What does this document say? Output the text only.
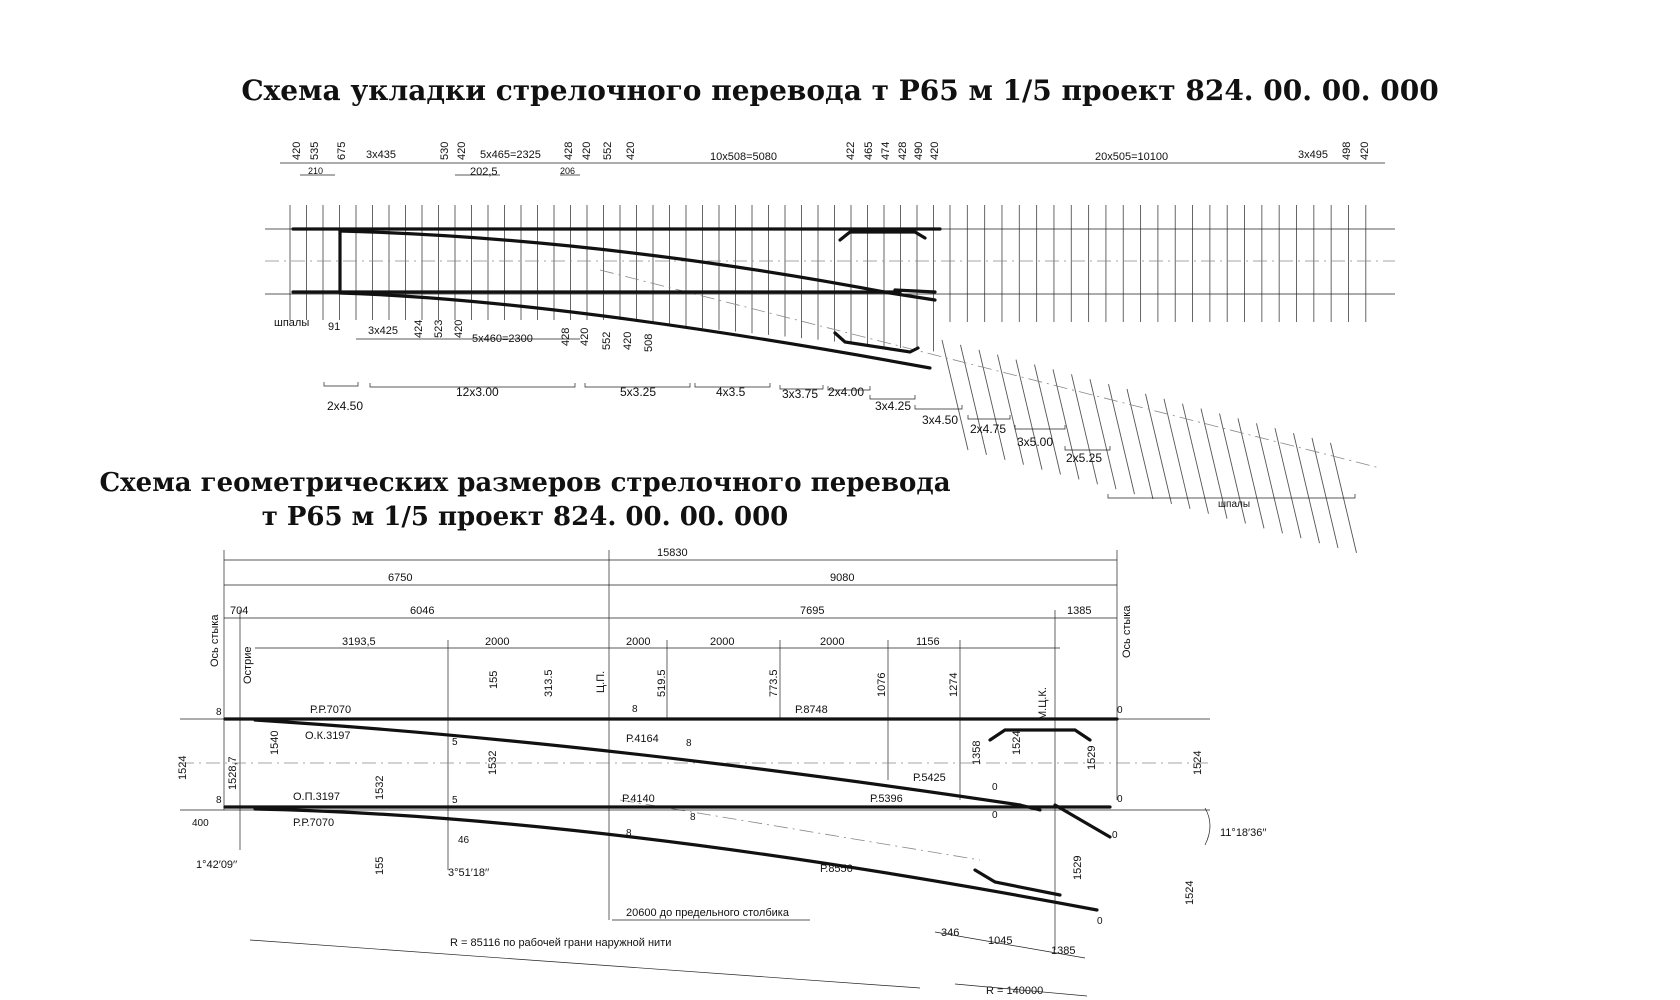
Схема укладки стрелочного перевода т Р65 м 1/5 проект 824. 00. 00. 000
Схема геометрических размеров стрелочного перевода
т Р65 м 1/5 проект 824. 00. 00. 000
420 535
210
675 3х435	530 420
202,5
5х465=2325
206
428 420 552 420	10х508=5080	422 465 474 428 490 420	20х505=10100	3х495 498 420
шпалы 91	3х425 424 523 420
5х460=2300 428 420 552 420 508
2х4.50
12х3.00	5х3.25	4х3.5	3х3.75 2х4.00
3х4.25
3х4.50
2х4.75
3х5.00
2х5.25
шпалы
15830
6750	9080
704	6046	7695	1385
3193,5	2000	2000	2000	2000	1156
Ось стыка Острие	Ц.П.
М.Ц.К.
Ось стыка
155	313.5	519.5	773.5	1076	1274
Р.Р.7070
О.К.3197
О.П.3197
Р.Р.7070
Р.8748
Р.4164
Р.5425
Р.4140	Р.5396
Р.8556
1524	1528,7
1540
1532
1532
155
1358	1524
1529	1524
1529
1524
8
8
8
8
8
8
5
5
0
0
0
0
0
0
46
400
1°42′09′′
3°51′18′′
11°18′36′′
20600 до предельного столбика
R = 85116 по рабочей грани наружной нити
R = 140000
346
1045
1385
